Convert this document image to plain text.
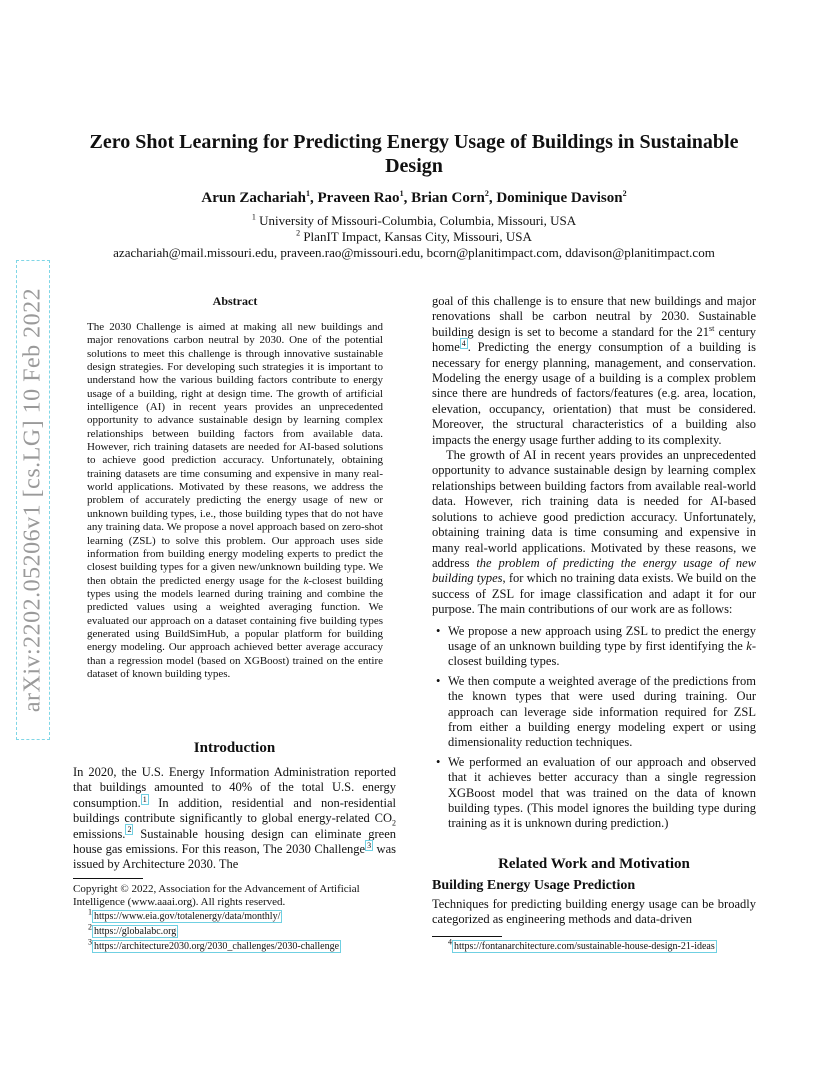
arXiv:2202.05206v1 [cs.LG] 10 Feb 2022
Zero Shot Learning for Predicting Energy Usage of Buildings in Sustainable
Design
Arun Zachariah$^1$, Praveen Rao$^1$, Brian Corn$^2$, Dominique Davison$^2$
$^1$ University of Missouri-Columbia, Columbia, Missouri, USA
$^2$ PlanIT Impact, Kansas City, Missouri, USA
azachariah@mail.missouri.edu, praveen.rao@missouri.edu, bcorn@planitimpact.com, ddavison@planitimpact.com
Abstract
The 2030 Challenge is aimed at making all new buildings and major renovations carbon neutral by 2030. One of the potential solutions to meet this challenge is through innovative sustainable design strategies. For developing such strategies it is important to understand how the various building factors contribute to energy usage of a building, right at design time. The growth of artificial intelligence (AI) in recent years provides an unprecedented opportunity to advance sustainable design by learning complex relationships between building factors from available data. However, rich training datasets are needed for AI-based solutions to achieve good prediction accuracy. Unfortunately, obtaining training datasets are time consuming and expensive in many real-world applications. Motivated by these reasons, we address the problem of accurately predicting the energy usage of new or unknown building types, i.e., those building types that do not have any training data. We propose a novel approach based on zero-shot learning (ZSL) to solve this problem. Our approach uses side information from building energy modeling experts to predict the closest building types for a given new/unknown building type. We then obtain the predicted energy usage for the k-closest building types using the models learned during training and combine the predicted values using a weighted averaging function. We evaluated our approach on a dataset containing five building types generated using BuildSimHub, a popular platform for building energy modeling. Our approach achieved better average accuracy than a regression model (based on XGBoost) trained on the entire dataset of known building types.
Introduction
In 2020, the U.S. Energy Information Administration reported that buildings amounted to 40% of the total U.S. energy consumption. $^1$ In addition, residential and non-residential buildings contribute significantly to global energy-related $CO_2$ emissions. $^2$ Sustainable housing design can eliminate green house gas emissions. For this reason, The 2030 Challenge $^3$ was issued by Architecture 2030. The
Copyright © 2022, Association for the Advancement of Artificial Intelligence (www.aaai.org). All rights reserved.
$^1$ https://www.eia.gov/totalenergy/data/monthly/
$^2$ https://globalabc.org
$^3$ https://architecture2030.org/2030_challenges/2030-challenge

goal of this challenge is to ensure that new buildings and major renovations shall be carbon neutral by 2030. Sustainable building design is set to become a standard for the 21st century home $^4$ . Predicting the energy consumption of a building is necessary for energy planning, management, and conservation. Modeling the energy usage of a building is a complex problem since there are hundreds of factors/features (e.g. area, location, elevation, occupancy, orientation) that must be considered. Moreover, the structural characteristics of a building also impacts the energy usage further adding to its complexity.

The growth of AI in recent years provides an unprecedented opportunity to advance sustainable design by learning complex relationships between building factors from available real-world data. However, rich training data is needed for AI-based solutions to achieve good prediction accuracy. Unfortunately, obtaining training data is time consuming and expensive in many real-world applications. Motivated by these reasons, we address the problem of predicting the energy usage of new building types, for which no training data exists. We build on the success of ZSL for image classification and adapt it for our purpose. The main contributions of our work are as follows:

• We propose a new approach using ZSL to predict the energy usage of an unknown building type by first identifying the k-closest building types.
• We then compute a weighted average of the predictions from the known types that were used during training. Our approach can leverage side information required for ZSL from either a building energy modeling expert or using dimensionality reduction techniques.
• We performed an evaluation of our approach and observed that it achieves better accuracy than a single regression XGBoost model that was trained on the data of known building types. (This model ignores the building type during training as it is unknown during prediction.)
Related Work and Motivation
Building Energy Usage Prediction
Techniques for predicting building energy usage can be broadly categorized as engineering methods and data-driven
$^4$ https://fontanarchitecture.com/sustainable-house-design-21-ideas
